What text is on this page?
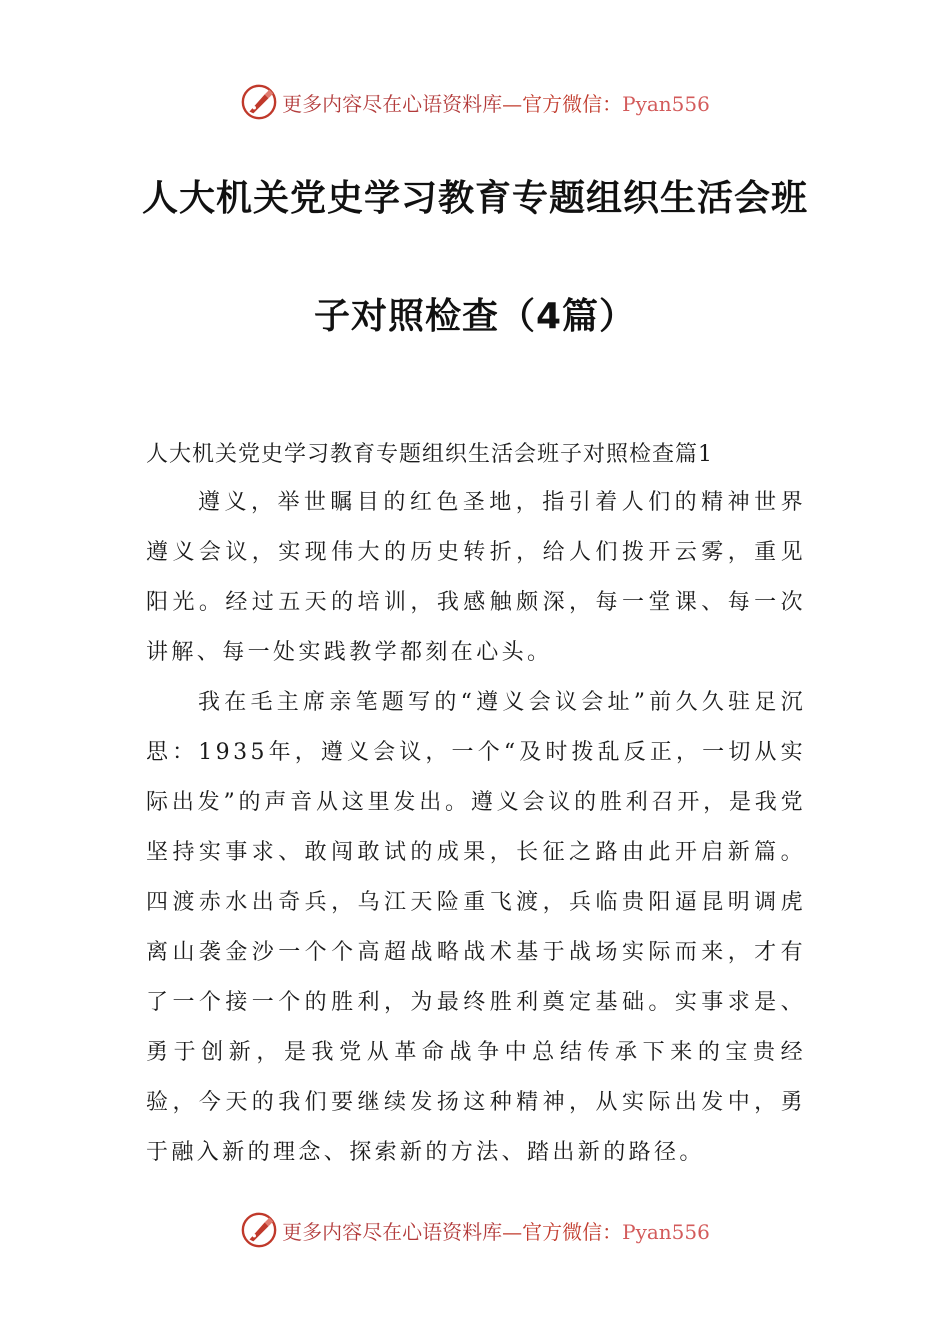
更多内容尽在心语资料库—官方微信：Pyan556
人大机关党史学习教育专题组织生活会班
子对照检查（4篇）
人大机关党史学习教育专题组织生活会班子对照检查篇1

遵义，举世瞩目的红色圣地，指引着人们的精神世界遵义会议，实现伟大的历史转折，给人们拨开云雾，重见阳光。经过五天的培训，我感触颇深，每一堂课、每一次讲解、每一处实践教学都刻在心头。

我在毛主席亲笔题写的“遵义会议会址”前久久驻足沉思：1935年，遵义会议，一个“及时拨乱反正，一切从实际出发”的声音从这里发出。遵义会议的胜利召开，是我党坚持实事求、敢闯敢试的成果，长征之路由此开启新篇。四渡赤水出奇兵，乌江天险重飞渡，兵临贵阳逼昆明调虎离山袭金沙一个个高超战略战术基于战场实际而来，才有了一个接一个的胜利，为最终胜利奠定基础。实事求是、勇于创新，是我党从革命战争中总结传承下来的宝贵经验，今天的我们要继续发扬这种精神，从实际出发中，勇于融入新的理念、探索新的方法、踏出新的路径。

更多内容尽在心语资料库—官方微信：Pyan556
